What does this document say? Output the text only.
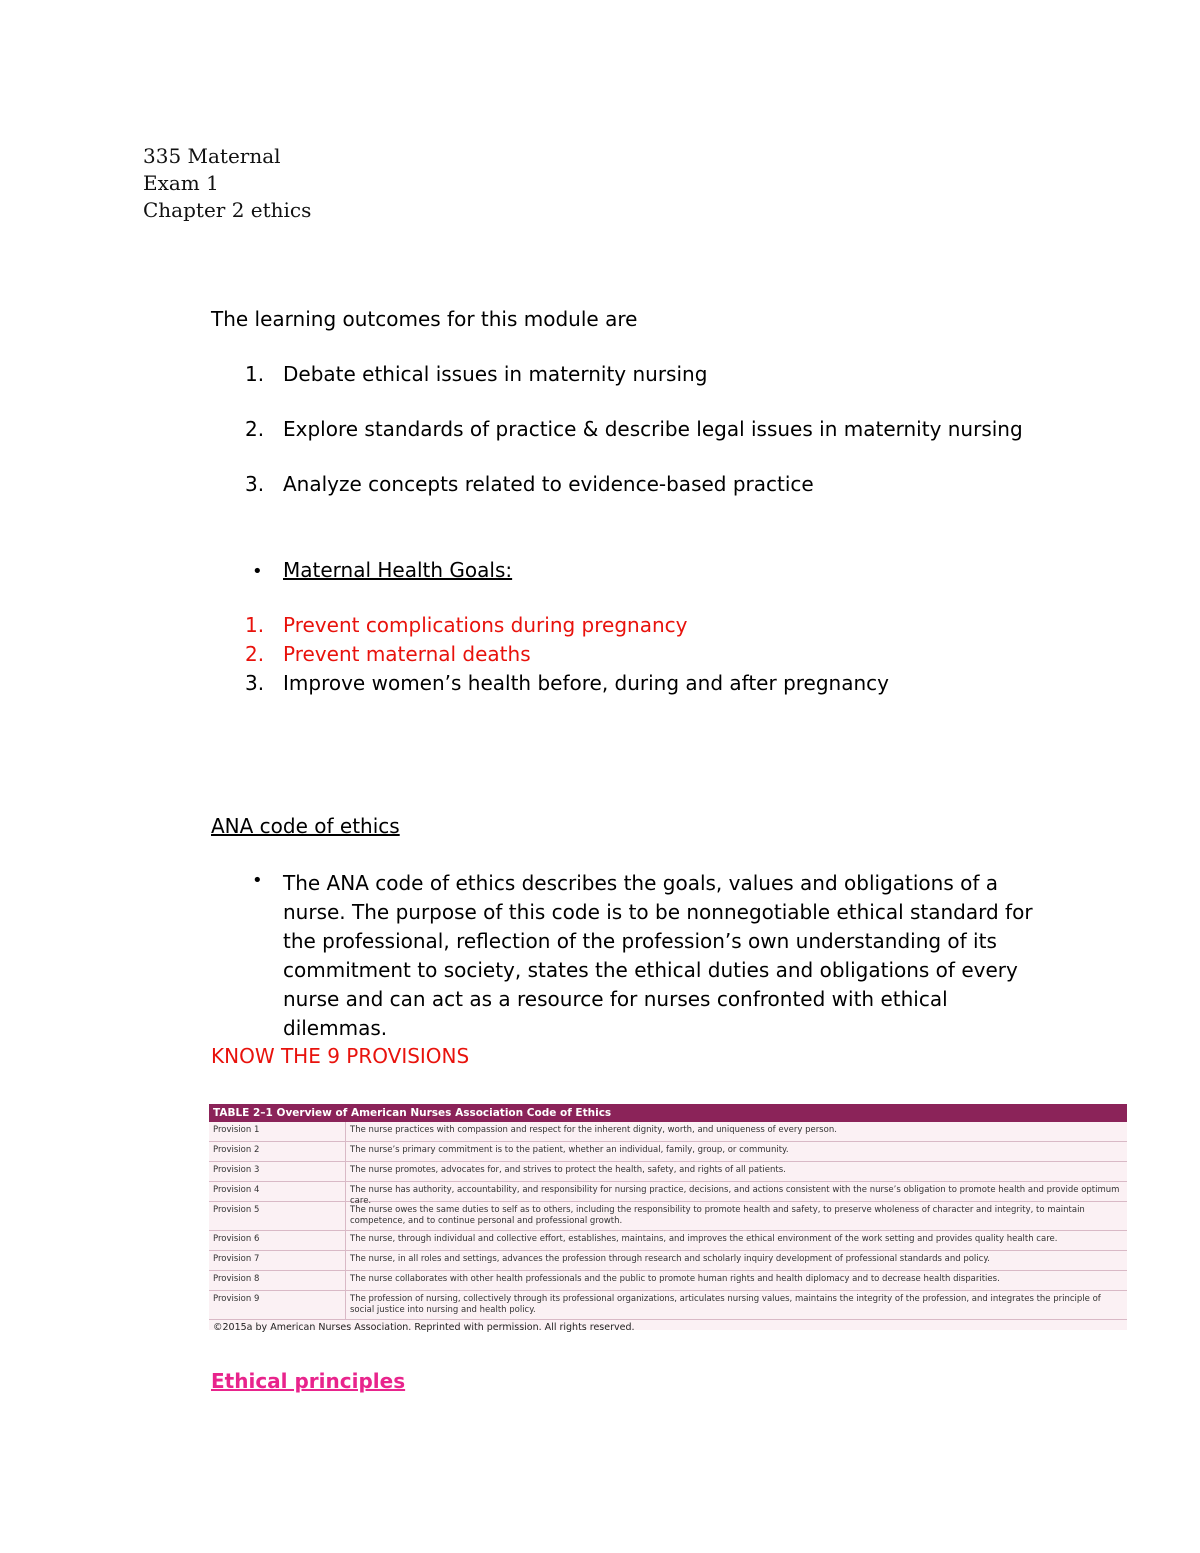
335 Maternal
Exam 1
Chapter 2 ethics
The learning outcomes for this module are
1. Debate ethical issues in maternity nursing
2. Explore standards of practice & describe legal issues in maternity nursing
3. Analyze concepts related to evidence-based practice
• Maternal Health Goals:
1. Prevent complications during pregnancy
2. Prevent maternal deaths
3. Improve women’s health before, during and after pregnancy
ANA code of ethics
• The ANA code of ethics describes the goals, values and obligations of a nurse. The purpose of this code is to be nonnegotiable ethical standard for the professional, reflection of the profession’s own understanding of its commitment to society, states the ethical duties and obligations of every nurse and can act as a resource for nurses confronted with ethical dilemmas.
KNOW THE 9 PROVISIONS
TABLE 2–1 Overview of American Nurses Association Code of Ethics
Provision 1	The nurse practices with compassion and respect for the inherent dignity, worth, and uniqueness of every person.
Provision 2	The nurse’s primary commitment is to the patient, whether an individual, family, group, or community.
Provision 3	The nurse promotes, advocates for, and strives to protect the health, safety, and rights of all patients.
Provision 4	The nurse has authority, accountability, and responsibility for nursing practice, decisions, and actions consistent with the nurse’s obligation to promote health and provide optimum care.
Provision 5	The nurse owes the same duties to self as to others, including the responsibility to promote health and safety, to preserve wholeness of character and integrity, to maintain competence, and to continue personal and professional growth.
Provision 6	The nurse, through individual and collective effort, establishes, maintains, and improves the ethical environment of the work setting and provides quality health care.
Provision 7	The nurse, in all roles and settings, advances the profession through research and scholarly inquiry development of professional standards and policy.
Provision 8	The nurse collaborates with other health professionals and the public to promote human rights and health diplomacy and to decrease health disparities.
Provision 9	The profession of nursing, collectively through its professional organizations, articulates nursing values, maintains the integrity of the profession, and integrates the principle of social justice into nursing and health policy.
©2015a by American Nurses Association. Reprinted with permission. All rights reserved.
Ethical principles
